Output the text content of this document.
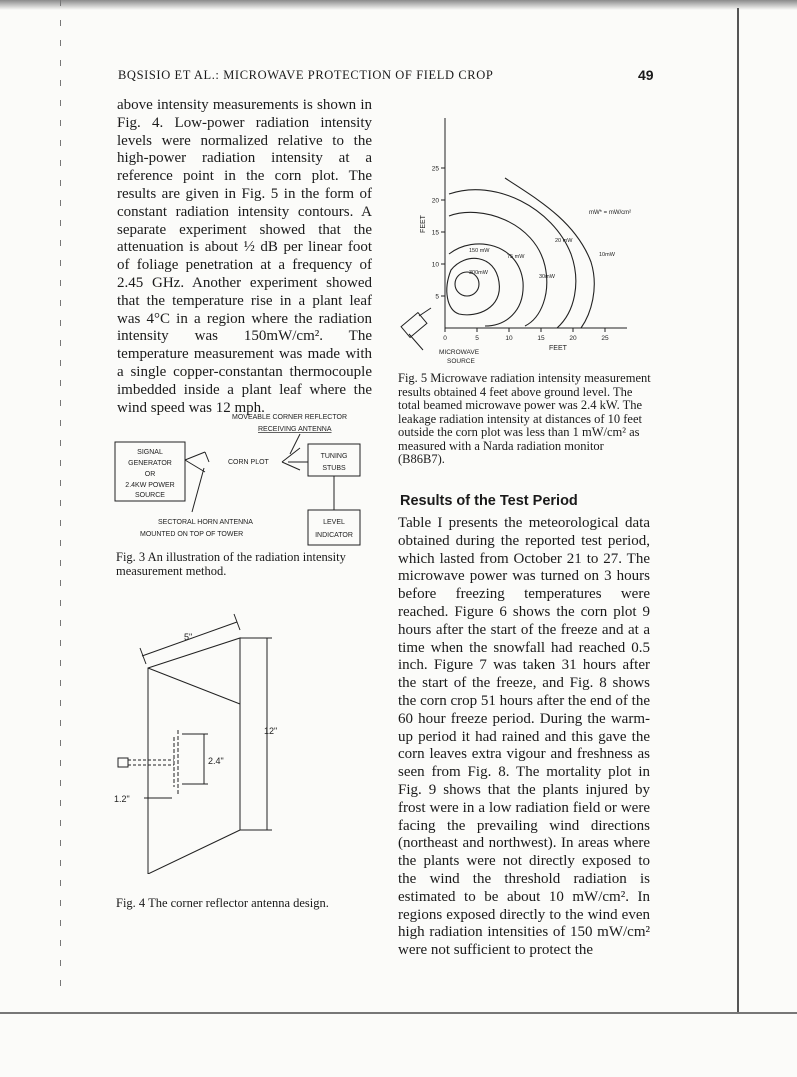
BQSISIO ET AL.: MICROWAVE PROTECTION OF FIELD CROP	49

above intensity measurements is shown in Fig. 4. Low-power radiation intensity levels were normalized relative to the high-power radiation intensity at a reference point in the corn plot. The results are given in Fig. 5 in the form of constant radiation intensity contours. A separate experiment showed that the attenuation is about ½ dB per linear foot of foliage penetration at a frequency of 2.45 GHz. Another experiment showed that the temperature rise in a plant leaf was 4°C in a region where the radiation intensity was 150mW/cm². The temperature measurement was made with a single copper-constantan thermocouple imbedded inside a plant leaf where the wind speed was 12 mph.

MOVEABLE CORNER REFLECTOR
RECEIVING ANTENNA
SIGNAL
GENERATOR
OR
2.4KW POWER
SOURCE
CORN PLOT
TUNING
STUBS
LEVEL
INDICATOR
SECTORAL HORN ANTENNA
MOUNTED ON TOP OF TOWER

Fig. 3 An illustration of the radiation intensity measurement method.

5"
12"
2.4"
1.2"

Fig. 4 The corner reflector antenna design.

5
10
15
20
25
0	5	10	15	20	25
FEET
FEET
300mW
150 mW
75 mW
30mW
20 mW
10mW
mW* = mW/cm²
MICROWAVE
SOURCE

Fig. 5 Microwave radiation intensity measurement results obtained 4 feet above ground level. The total beamed microwave power was 2.4 kW. The leakage radiation intensity at distances of 10 feet outside the corn plot was less than 1 mW/cm² as measured with a Narda radiation monitor (B86B7).

Results of the Test Period

Table I presents the meteorological data obtained during the reported test period, which lasted from October 21 to 27. The microwave power was turned on 3 hours before freezing temperatures were reached. Figure 6 shows the corn plot 9 hours after the start of the freeze and at a time when the snowfall had reached 0.5 inch. Figure 7 was taken 31 hours after the start of the freeze, and Fig. 8 shows the corn crop 51 hours after the end of the 60 hour freeze period. During the warm-up period it had rained and this gave the corn leaves extra vigour and freshness as seen from Fig. 8. The mortality plot in Fig. 9 shows that the plants injured by frost were in a low radiation field or were facing the prevailing wind directions (northeast and northwest). In areas where the plants were not directly exposed to the wind the threshold radiation is estimated to be about 10 mW/cm². In regions exposed directly to the wind even high radiation intensities of 150 mW/cm² were not sufficient to protect the
